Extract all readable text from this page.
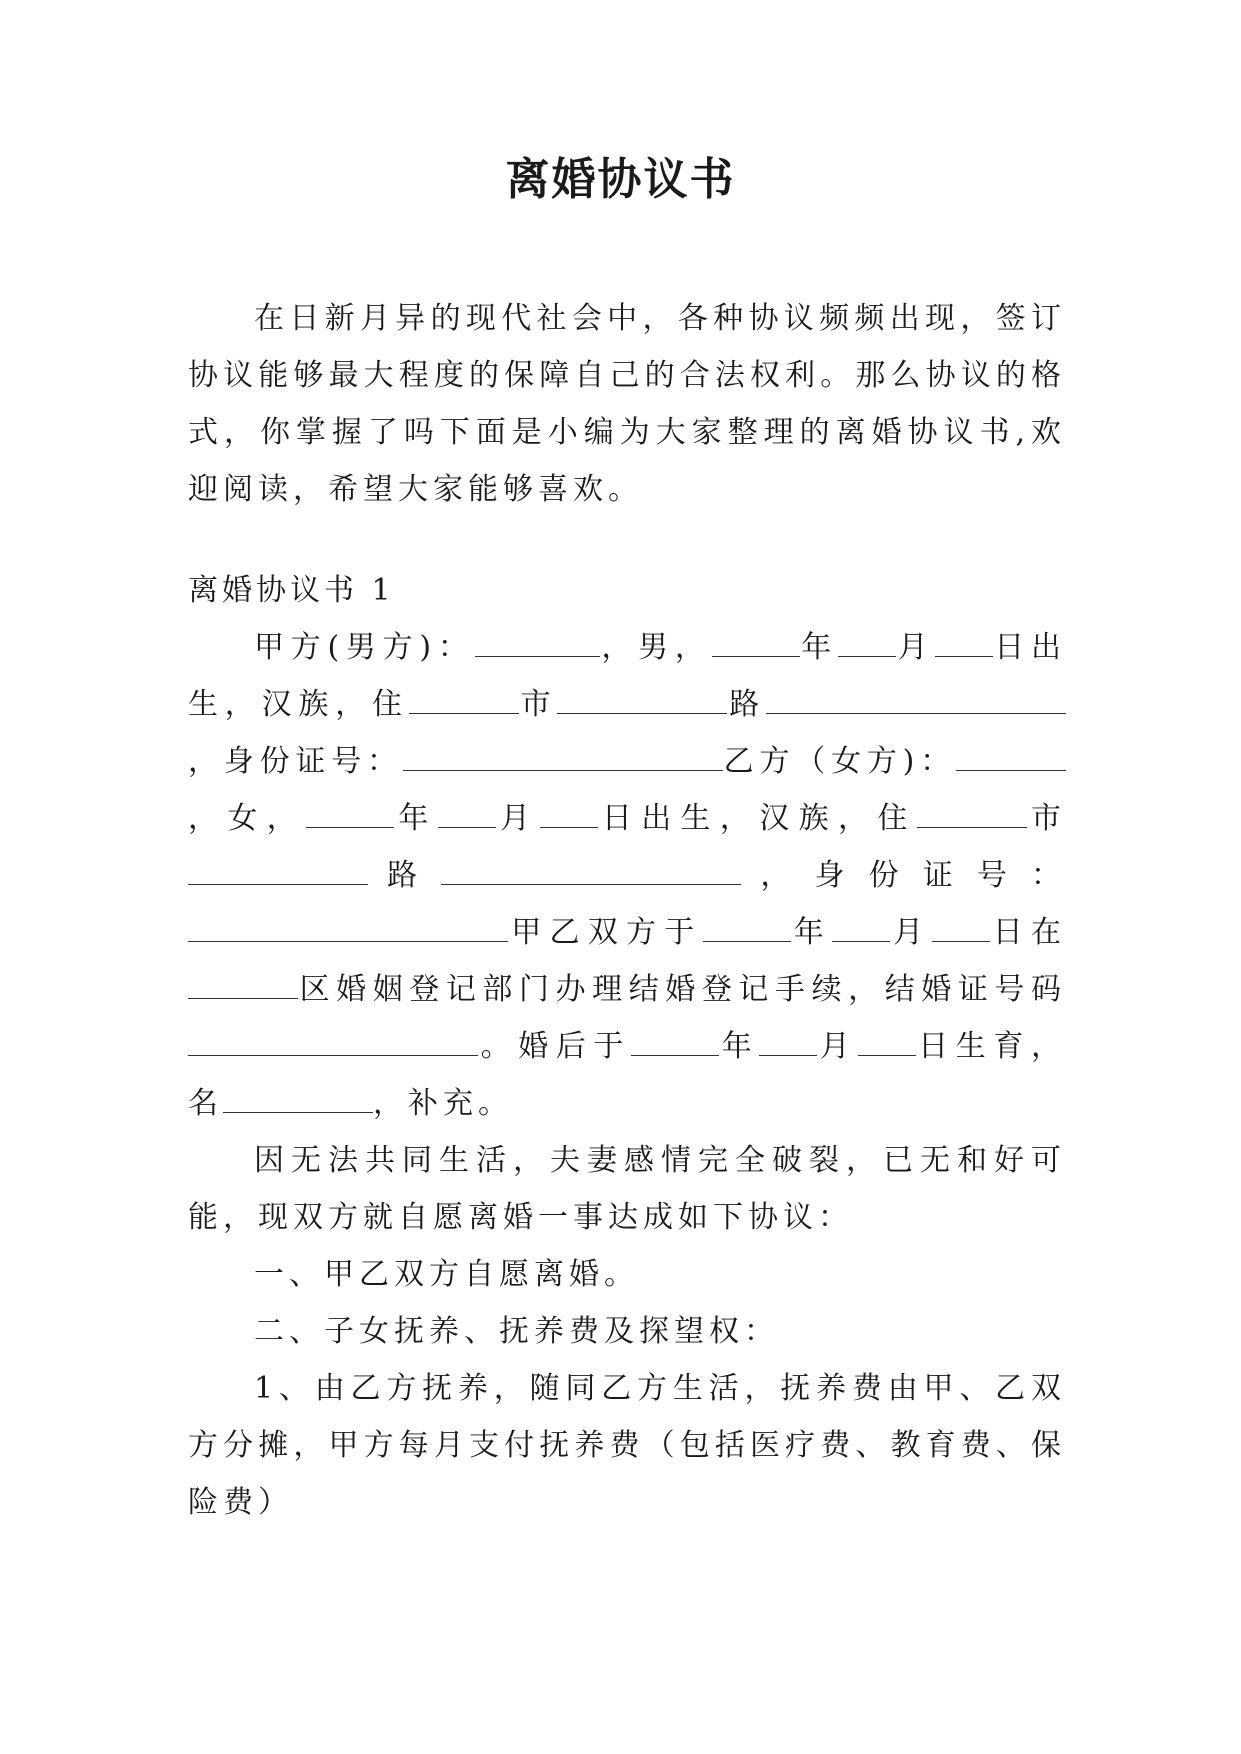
离婚协议书

在日新月异的现代社会中，各种协议频频出现，签订协议能够最大程度的保障自己的合法权利。那么协议的格式，你掌握了吗下面是小编为大家整理的离婚协议书,欢迎阅读，希望大家能够喜欢。

离婚协议书 1

甲方(男方)：	，男，	年 月 日出生，汉族，住	市	路，身份证号：	乙方（女方)：，女，	年 月 日出生，汉族，住	市路	，身份证号：甲乙双方于	年 月 日在区婚姻登记部门办理结婚登记手续，结婚证号码。婚后于	年 月 日生育，名	，补充。

因无法共同生活，夫妻感情完全破裂，已无和好可能，现双方就自愿离婚一事达成如下协议：

一、甲乙双方自愿离婚。

二、子女抚养、抚养费及探望权：

1、由乙方抚养，随同乙方生活，抚养费由甲、乙双方分摊，甲方每月支付抚养费（包括医疗费、教育费、保险费）
